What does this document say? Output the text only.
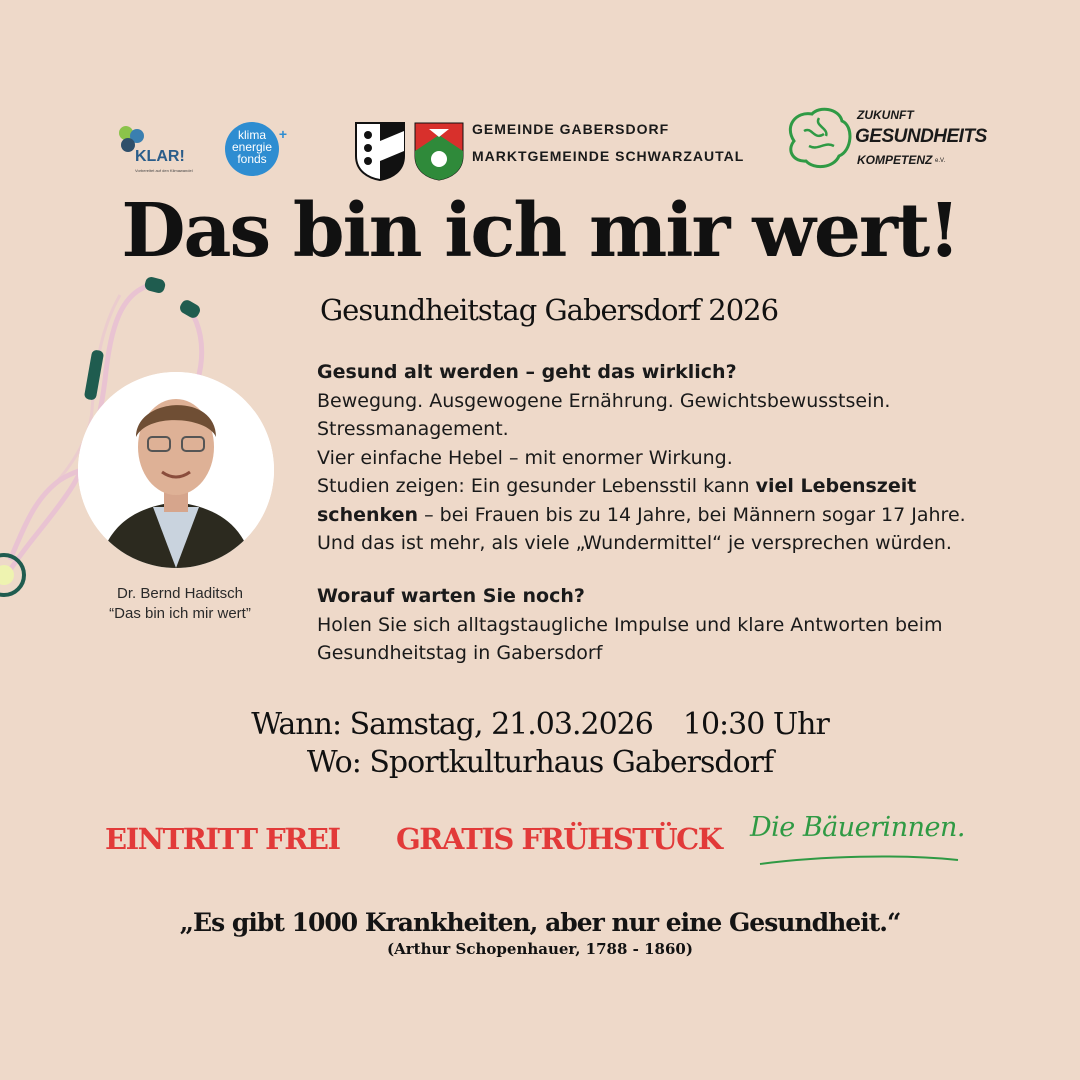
Dr. Bernd Haditsch
“Das bin ich mir wert”
KLAR!
Vorbereitet auf den Klimawandel
klima
energie
fonds
+	GEMEINDE GABERSDORF
MARKTGEMEINDE SCHWARZAUTAL
ZUKUNFT
GESUNDHEITS
KOMPETENZ e.V.
Das bin ich mir wert!
Gesundheitstag Gabersdorf 2026
Gesund alt werden – geht das wirklich?
Bewegung. Ausgewogene Ernährung. Gewichtsbewusstsein.
Stressmanagement.
Vier einfache Hebel – mit enormer Wirkung.
Studien zeigen: Ein gesunder Lebensstil kann viel Lebenszeit
schenken – bei Frauen bis zu 14 Jahre, bei Männern sogar 17 Jahre.
Und das ist mehr, als viele „Wundermittel“ je versprechen würden.
Worauf warten Sie noch?
Holen Sie sich alltagstaugliche Impulse und klare Antworten beim
Gesundheitstag in Gabersdorf
Wann: Samstag, 21.03.2026 10:30 Uhr
Wo: Sportkulturhaus Gabersdorf
EINTRITT FREI GRATIS FRÜHSTÜCK Die Bäuerinnen.
„Es gibt 1000 Krankheiten, aber nur eine Gesundheit.“
(Arthur Schopenhauer, 1788 - 1860)
